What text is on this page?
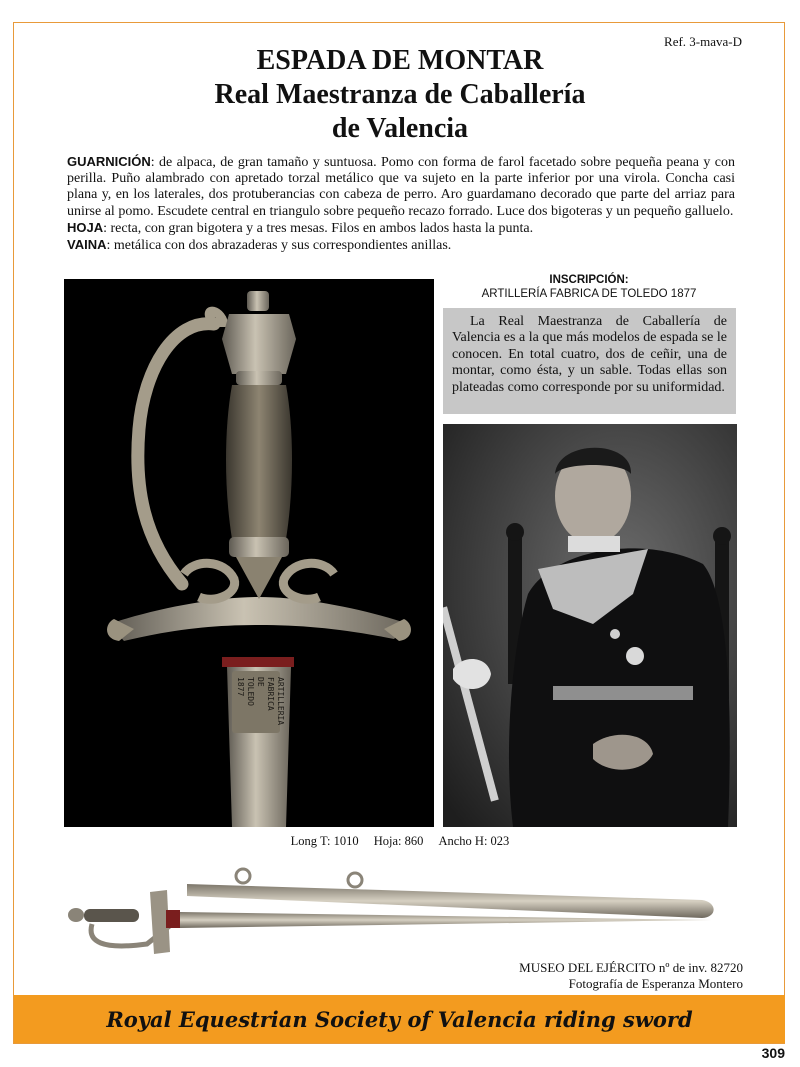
Ref. 3-mava-D
ESPADA DE MONTAR
Real Maestranza de Caballería
de Valencia

GUARNICIÓN: de alpaca, de gran tamaño y suntuosa. Pomo con forma de farol facetado sobre pequeña peana y con perilla. Puño alambrado con apretado torzal metálico que va sujeto en la parte inferior por una virola. Concha casi plana y, en los laterales, dos protuberancias con cabeza de perro. Aro guardamano decorado que parte del arriaz para unirse al pomo. Escudete central en triangulo sobre pequeño recazo forrado. Luce dos bigoteras y un pequeño galluelo.

HOJA: recta, con gran bigotera y a tres mesas. Filos en ambos lados hasta la punta.

VAINA: metálica con dos abrazaderas y sus correspondientes anillas.

ARTILLERIA
FABRICA
DE
TOLEDO
1877
INSCRIPCIÓN:
ARTILLERÍA FABRICA DE TOLEDO 1877
La Real Maestranza de Caballería de Valencia es a la que más modelos de espada se le conocen. En total cuatro, dos de ceñir, una de montar, como ésta, y un sable. Todas ellas son plateadas como corresponde por su uniformidad.
Long T: 1010 Hoja: 860 Ancho H: 023
MUSEO DEL EJÉRCITO nº de inv. 82720
Fotografía de Esperanza Montero
Royal Equestrian Society of Valencia riding sword
309
